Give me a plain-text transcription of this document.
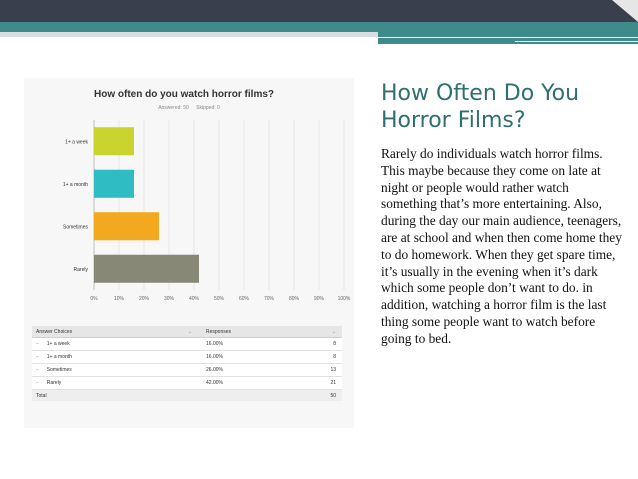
How often do you watch horror films?
Answered: 50 Skipped: 0
0%	10%	20%	30%	40%	50%	60%	70%	80%	90%	100%
1+ a week
1+ a month
Sometimes
Rarely
Answer Choices	⌄	Responses	⌄
– 1+ a week	16.00%	8
– 1+ a month	16.00%	8
– Sometimes	26.00%	13
– Rarely	42.00%	21
Total	50
How Often Do You Horror Films?
Rarely do individuals watch horror films. This maybe because they come on late at night or people would rather watch something that’s more entertaining. Also, during the day our main audience, teenagers, are at school and when then come home they to do homework. When they get spare time, it’s usually in the evening when it’s dark which some people don’t want to do. in addition, watching a horror film is the last thing some people want to watch before going to bed.
